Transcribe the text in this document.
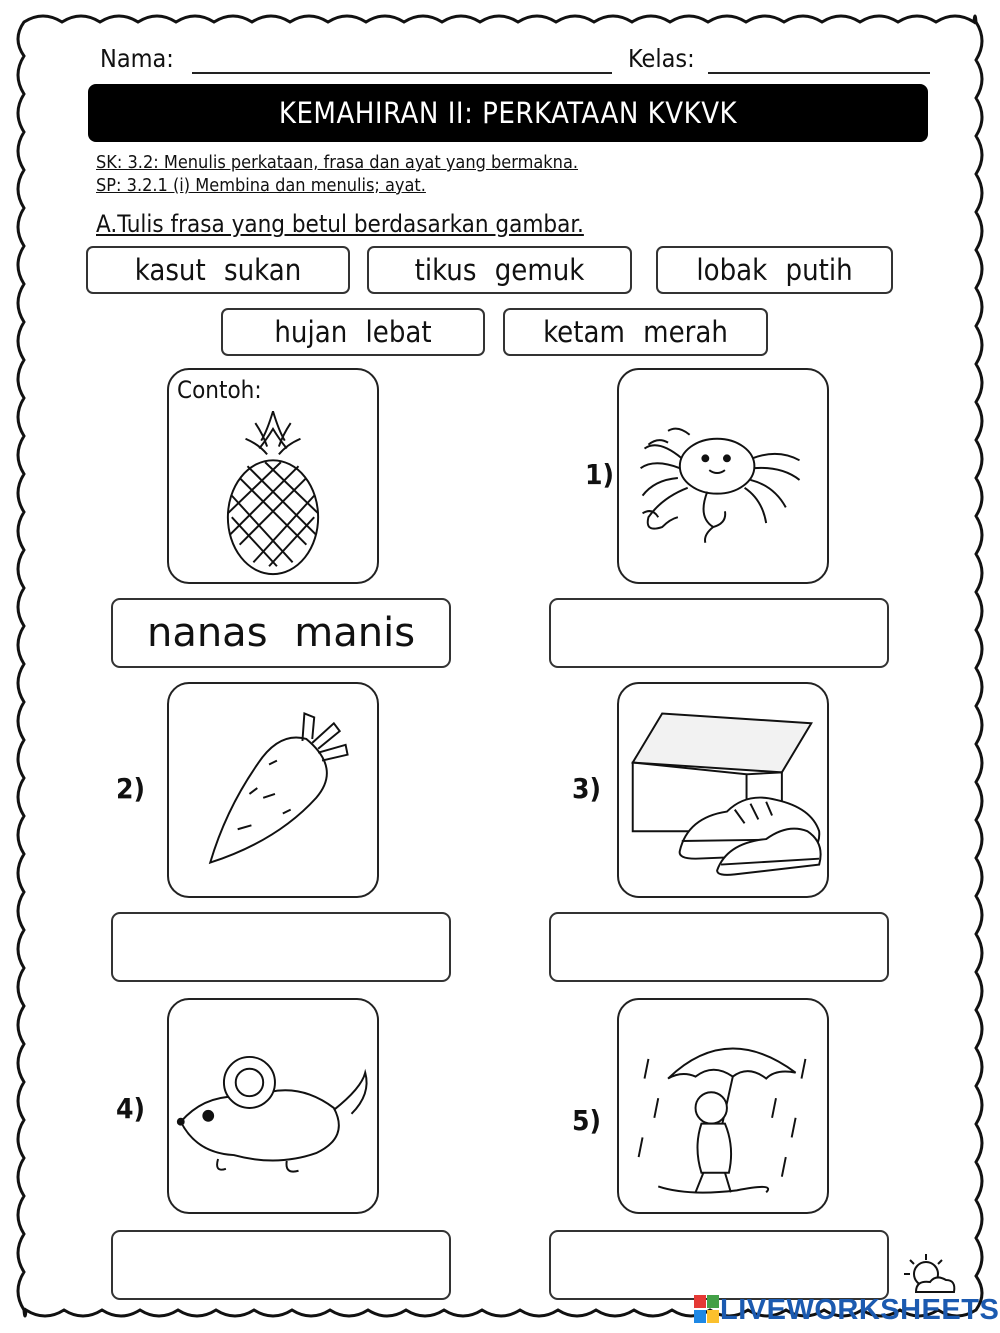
Nama:	Kelas:
KEMAHIRAN II: PERKATAAN KVKVK
SK: 3.2: Menulis perkataan, frasa dan ayat yang bermakna.
SP: 3.2.1 (i) Membina dan menulis; ayat.
A.Tulis frasa yang betul berdasarkan gambar.
kasut sukan	tikus gemuk	lobak putih
hujan lebat	ketam merah
Contoh:
nanas manis
1)
2)	3)
4)	5)
LIVEWORKSHEETS
